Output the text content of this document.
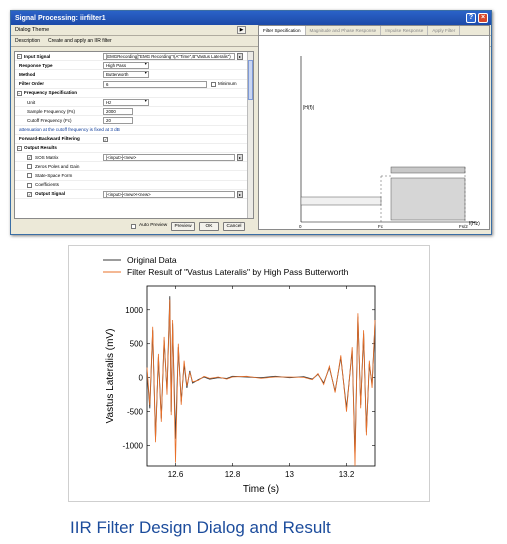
Signal Processing: iirfilter1	?	×
Dialog Theme	▶
Description Create and apply an IIR filter
− Input Signal	[EMGRecording]"EMG Recording"!(A"Time",B"Vastus Lateralis")	▸
Response Type	High Pass ▾
Method	Butterworth ▾
Filter Order	6	Minimum
− Frequency Specification
Unit	Hz ▾
Sample Frequency (Fs)	2000
Cutoff Frequency (Fc)	20
attenuation at the cutoff frequency is fixed at 3 dB
Forward-Backward Filtering	✓
− Output Results
✓ SOS Matrix	[<input>]<new>	▸
Zeros Poles and Gain
State-Space Form
Coefficients
✓ Output Signal	[<input>]<new>!<new>	▸
Filter Specification	Magnitude and Phase Response	Impulse Response	Apply Filter
|H(f)|
f(Hz)
0	Fc	Fs/2
Auto Preview	Preview	OK	Cancel
-1000
-500
0
500
1000
12.6	12.8	13	13.2
Time (s)
Vastus Lateralis (mV)
Original Data
Filter Result of "Vastus Lateralis" by High Pass Butterworth
IIR Filter Design Dialog and Result
